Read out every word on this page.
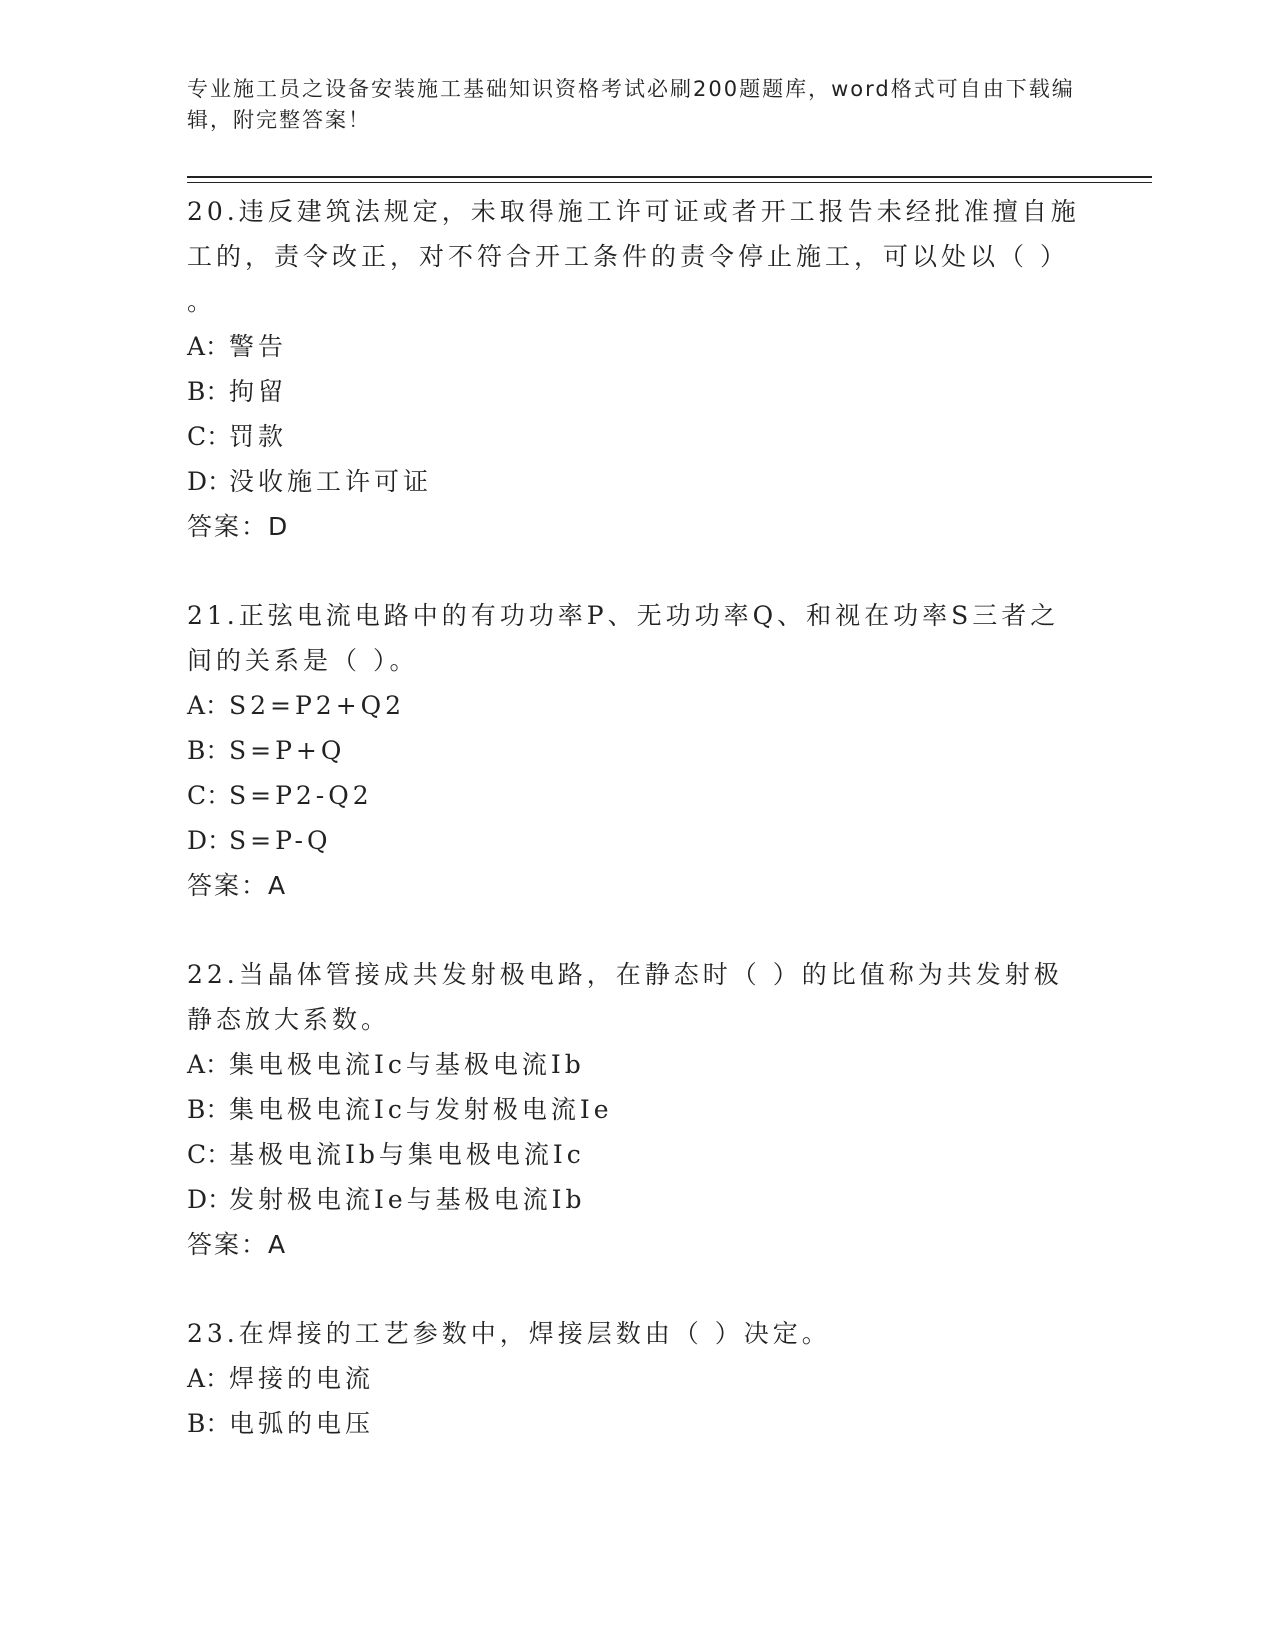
专业施工员之设备安装施工基础知识资格考试必刷200题题库，word格式可自由下载编辑，附完整答案！

20.违反建筑法规定，未取得施工许可证或者开工报告未经批准擅自施工的，责令改正，对不符合开工条件的责令停止施工，可以处以（ ）

。

A：警告

B：拘留

C：罚款

D：没收施工许可证

答案：D

21.正弦电流电路中的有功功率P、无功功率Q、和视在功率S三者之间的关系是（ ）。

A：S2=P2+Q2

B：S=P+Q

C：S=P2-Q2

D：S=P-Q

答案：A

22.当晶体管接成共发射极电路，在静态时（ ）的比值称为共发射极静态放大系数。

A：集电极电流Ic与基极电流Ib

B：集电极电流Ic与发射极电流Ie

C：基极电流Ib与集电极电流Ic

D：发射极电流Ie与基极电流Ib

答案：A

23.在焊接的工艺参数中，焊接层数由（ ）决定。

A：焊接的电流

B：电弧的电压
